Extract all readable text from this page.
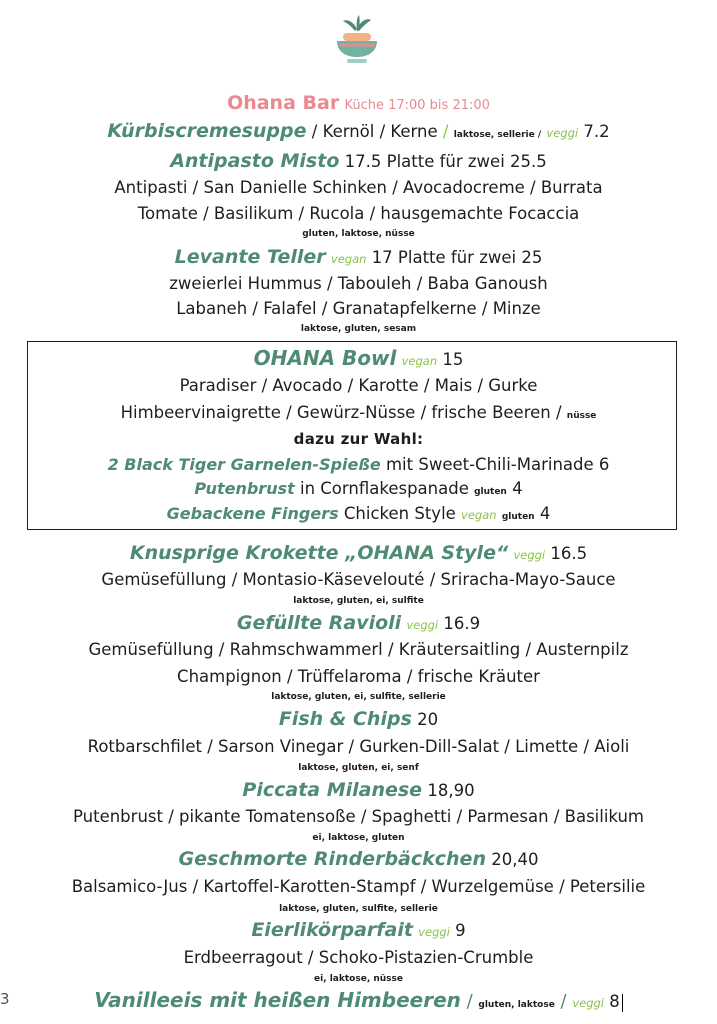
Ohana Bar Küche 17:00 bis 21:00
Kürbiscremesuppe / Kernöl / Kerne / laktose, sellerie / veggi 7.2
Antipasto Misto 17.5 Platte für zwei 25.5
Antipasti / San Danielle Schinken / Avocadocreme / Burrata
Tomate / Basilikum / Rucola / hausgemachte Focaccia
gluten, laktose, nüsse
Levante Teller vegan 17 Platte für zwei 25
zweierlei Hummus / Tabouleh / Baba Ganoush
Labaneh / Falafel / Granatapfelkerne / Minze
laktose, gluten, sesam
OHANA Bowl vegan 15
Paradiser / Avocado / Karotte / Mais / Gurke
Himbeervinaigrette / Gewürz-Nüsse / frische Beeren / nüsse
dazu zur Wahl:
2 Black Tiger Garnelen-Spieße mit Sweet-Chili-Marinade 6
Putenbrust in Cornflakespanade gluten 4
Gebackene Fingers Chicken Style vegan gluten 4
Knusprige Krokette „OHANA Style“ veggi 16.5
Gemüsefüllung / Montasio-Käsevelouté / Sriracha-Mayo-Sauce
laktose, gluten, ei, sulfite
Gefüllte Ravioli veggi 16.9
Gemüsefüllung / Rahmschwammerl / Kräutersaitling / Austernpilz
Champignon / Trüffelaroma / frische Kräuter
laktose, gluten, ei, sulfite, sellerie
Fish & Chips 20
Rotbarschfilet / Sarson Vinegar / Gurken-Dill-Salat / Limette / Aioli
laktose, gluten, ei, senf
Piccata Milanese 18,90
Putenbrust / pikante Tomatensoße / Spaghetti / Parmesan / Basilikum
ei, laktose, gluten
Geschmorte Rinderbäckchen 20,40
Balsamico-Jus / Kartoffel-Karotten-Stampf / Wurzelgemüse / Petersilie
laktose, gluten, sulfite, sellerie
Eierlikörparfait veggi 9
Erdbeerragout / Schoko-Pistazien-Crumble
ei, laktose, nüsse
3	Vanilleeis mit heißen Himbeeren / gluten, laktose / veggi 8
